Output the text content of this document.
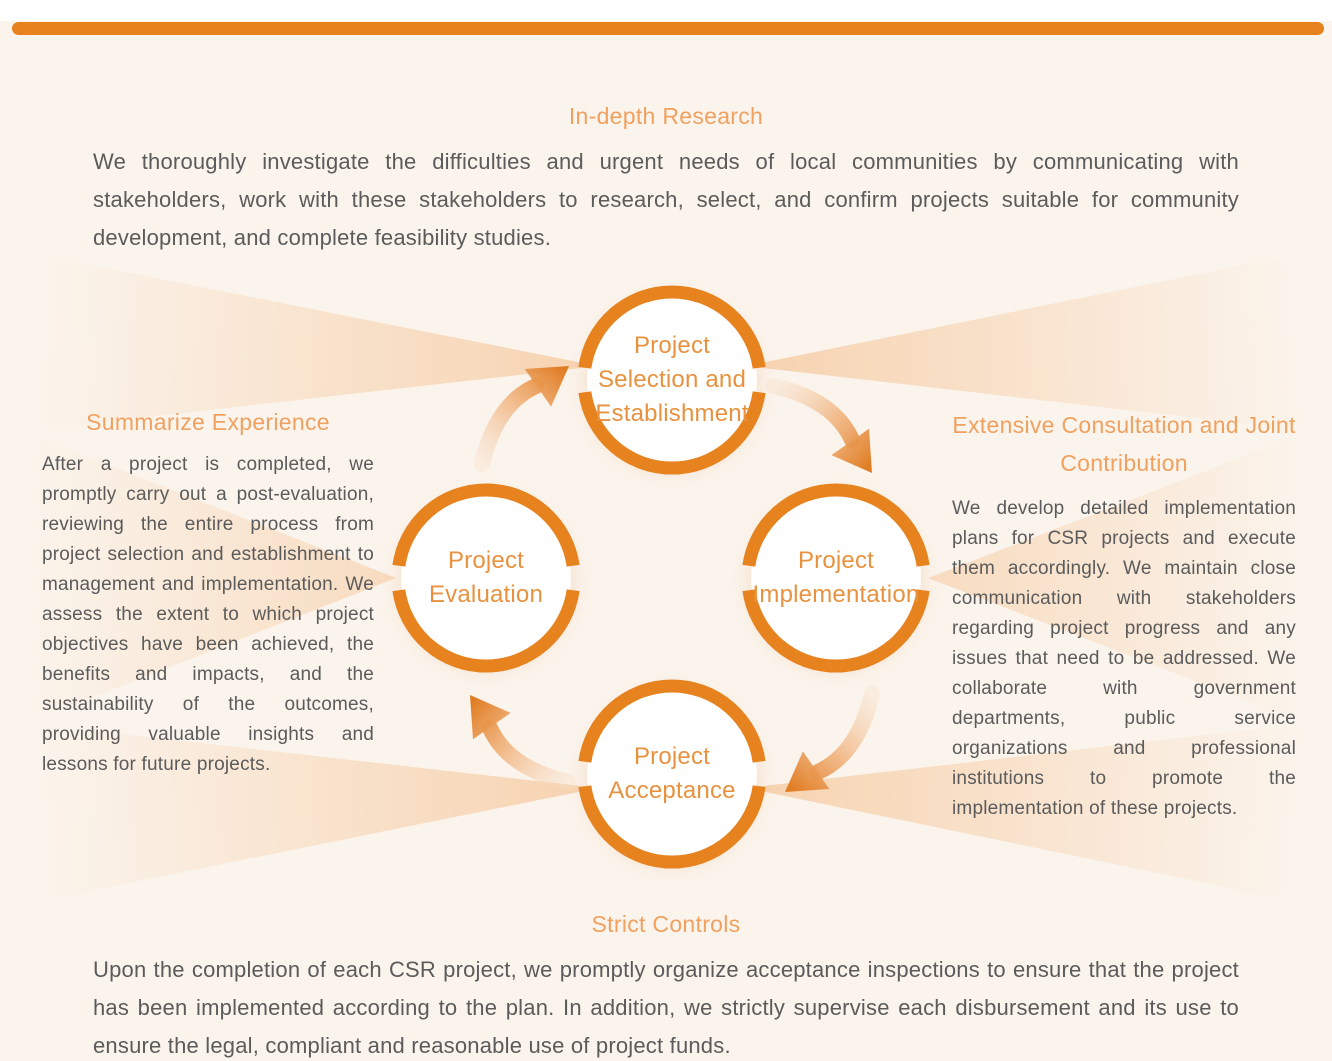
Project
Selection and
Establishment
Project
Implementation
Project
Acceptance
Project
Evaluation
In-depth Research

We thoroughly investigate the difficulties and urgent needs of local communities by communicating with stakeholders, work with these stakeholders to research, select, and confirm projects suitable for community development, and complete feasibility studies.

Summarize Experience

After a project is completed, we promptly carry out a post-evaluation, reviewing the entire process from project selection and establishment to management and implementation. We assess the extent to which project objectives have been achieved, the benefits and impacts, and the sustainability of the outcomes, providing valuable insights and lessons for future projects.

Extensive Consultation and Joint Contribution

We develop detailed implementation plans for CSR projects and execute them accordingly. We maintain close communication with stakeholders regarding project progress and any issues that need to be addressed. We collaborate with government departments, public service organizations and professional institutions to promote the implementation of these projects.

Strict Controls

Upon the completion of each CSR project, we promptly organize acceptance inspections to ensure that the project has been implemented according to the plan. In addition, we strictly supervise each disbursement and its use to ensure the legal, compliant and reasonable use of project funds.
